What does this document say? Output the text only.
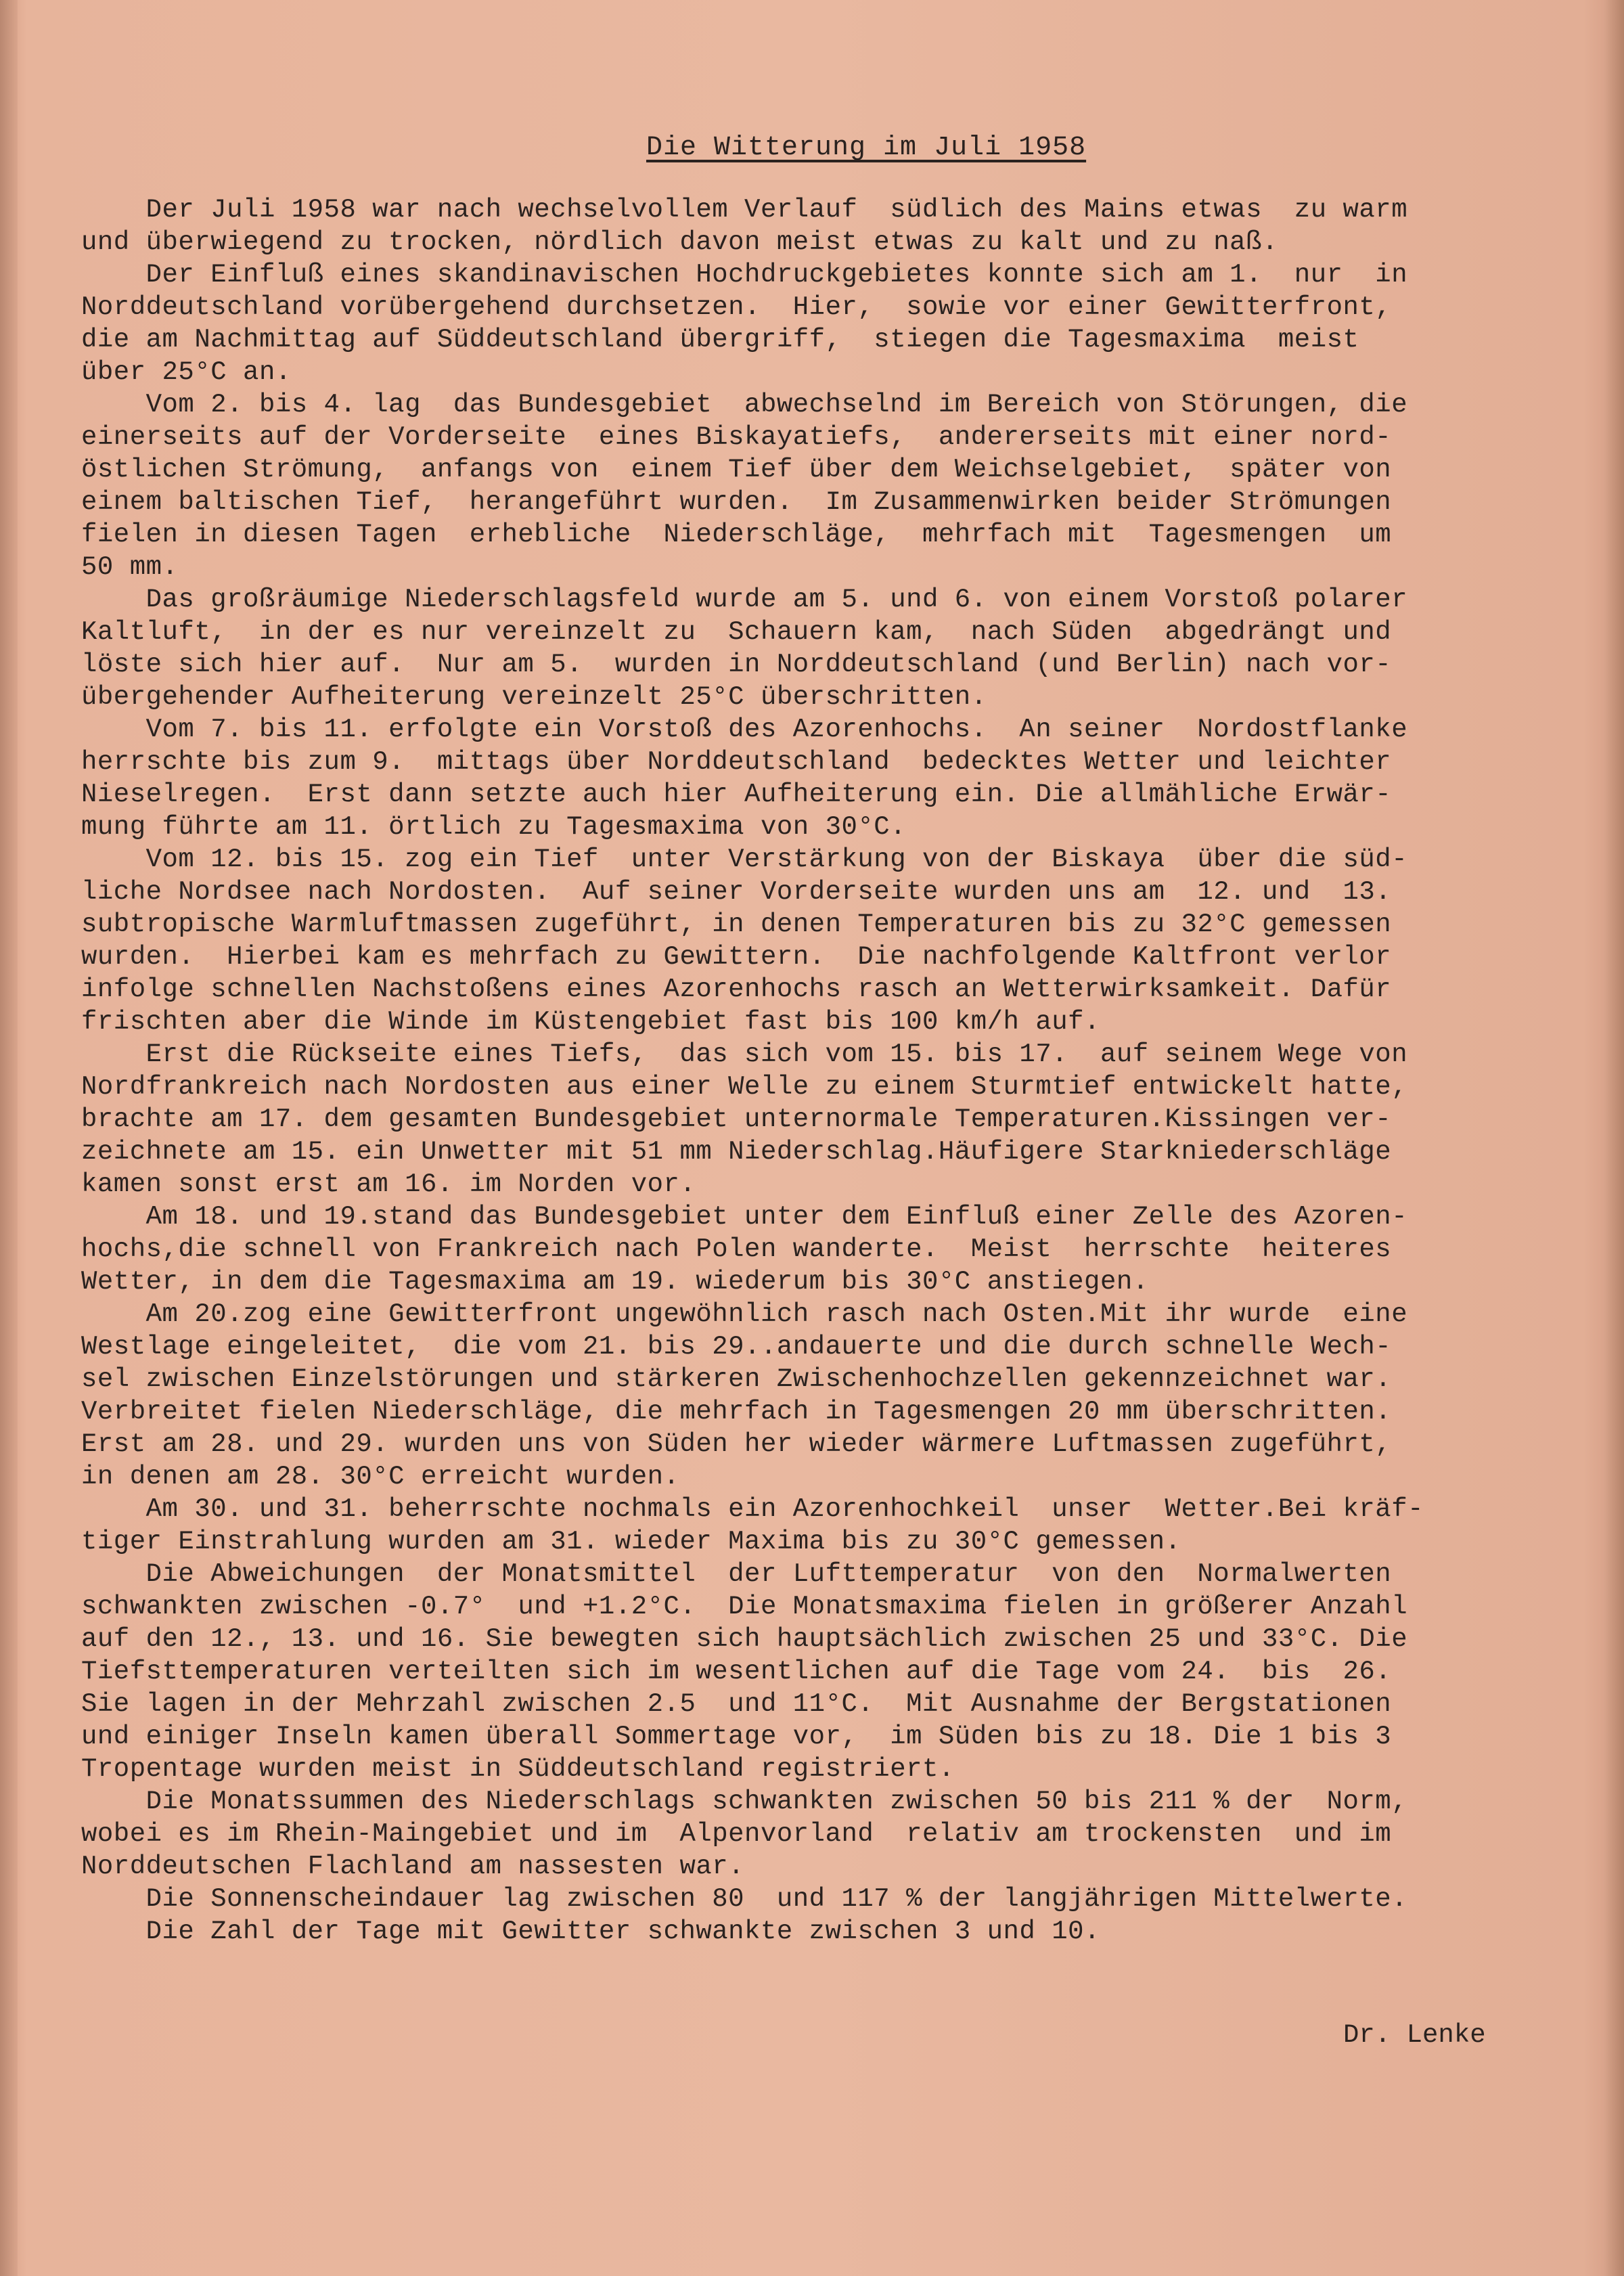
Die Witterung im Juli 1958
Der Juli 1958 war nach wechselvollem Verlauf  südlich des Mains etwas  zu warm
und überwiegend zu trocken, nördlich davon meist etwas zu kalt und zu naß.
Der Einfluß eines skandinavischen Hochdruckgebietes konnte sich am 1.  nur  in
Norddeutschland vorübergehend durchsetzen.  Hier,  sowie vor einer Gewitterfront,
die am Nachmittag auf Süddeutschland übergriff,  stiegen die Tagesmaxima  meist
über 25°C an.
Vom 2. bis 4. lag  das Bundesgebiet  abwechselnd im Bereich von Störungen, die
einerseits auf der Vorderseite  eines Biskayatiefs,  andererseits mit einer nord-
östlichen Strömung,  anfangs von  einem Tief über dem Weichselgebiet,  später von
einem baltischen Tief,  herangeführt wurden.  Im Zusammenwirken beider Strömungen
fielen in diesen Tagen  erhebliche  Niederschläge,  mehrfach mit  Tagesmengen  um
50 mm.
Das großräumige Niederschlagsfeld wurde am 5. und 6. von einem Vorstoß polarer
Kaltluft,  in der es nur vereinzelt zu  Schauern kam,  nach Süden  abgedrängt und
löste sich hier auf.  Nur am 5.  wurden in Norddeutschland (und Berlin) nach vor-
übergehender Aufheiterung vereinzelt 25°C überschritten.
Vom 7. bis 11. erfolgte ein Vorstoß des Azorenhochs.  An seiner  Nordostflanke
herrschte bis zum 9.  mittags über Norddeutschland  bedecktes Wetter und leichter
Nieselregen.  Erst dann setzte auch hier Aufheiterung ein. Die allmähliche Erwär-
mung führte am 11. örtlich zu Tagesmaxima von 30°C.
Vom 12. bis 15. zog ein Tief  unter Verstärkung von der Biskaya  über die süd-
liche Nordsee nach Nordosten.  Auf seiner Vorderseite wurden uns am  12. und  13.
subtropische Warmluftmassen zugeführt, in denen Temperaturen bis zu 32°C gemessen
wurden.  Hierbei kam es mehrfach zu Gewittern.  Die nachfolgende Kaltfront verlor
infolge schnellen Nachstoßens eines Azorenhochs rasch an Wetterwirksamkeit. Dafür
frischten aber die Winde im Küstengebiet fast bis 100 km/h auf.
Erst die Rückseite eines Tiefs,  das sich vom 15. bis 17.  auf seinem Wege von
Nordfrankreich nach Nordosten aus einer Welle zu einem Sturmtief entwickelt hatte,
brachte am 17. dem gesamten Bundesgebiet unternormale Temperaturen.Kissingen ver-
zeichnete am 15. ein Unwetter mit 51 mm Niederschlag.Häufigere Starkniederschläge
kamen sonst erst am 16. im Norden vor.
Am 18. und 19.stand das Bundesgebiet unter dem Einfluß einer Zelle des Azoren-
hochs,die schnell von Frankreich nach Polen wanderte.  Meist  herrschte  heiteres
Wetter, in dem die Tagesmaxima am 19. wiederum bis 30°C anstiegen.
Am 20.zog eine Gewitterfront ungewöhnlich rasch nach Osten.Mit ihr wurde  eine
Westlage eingeleitet,  die vom 21. bis 29..andauerte und die durch schnelle Wech-
sel zwischen Einzelstörungen und stärkeren Zwischenhochzellen gekennzeichnet war.
Verbreitet fielen Niederschläge, die mehrfach in Tagesmengen 20 mm überschritten.
Erst am 28. und 29. wurden uns von Süden her wieder wärmere Luftmassen zugeführt,
in denen am 28. 30°C erreicht wurden.
Am 30. und 31. beherrschte nochmals ein Azorenhochkeil  unser  Wetter.Bei kräf-
tiger Einstrahlung wurden am 31. wieder Maxima bis zu 30°C gemessen.
Die Abweichungen  der Monatsmittel  der Lufttemperatur  von den  Normalwerten
schwankten zwischen -0.7°  und +1.2°C.  Die Monatsmaxima fielen in größerer Anzahl
auf den 12., 13. und 16. Sie bewegten sich hauptsächlich zwischen 25 und 33°C. Die
Tiefsttemperaturen verteilten sich im wesentlichen auf die Tage vom 24.  bis  26.
Sie lagen in der Mehrzahl zwischen 2.5  und 11°C.  Mit Ausnahme der Bergstationen
und einiger Inseln kamen überall Sommertage vor,  im Süden bis zu 18. Die 1 bis 3
Tropentage wurden meist in Süddeutschland registriert.
Die Monatssummen des Niederschlags schwankten zwischen 50 bis 211 % der  Norm,
wobei es im Rhein-Maingebiet und im  Alpenvorland  relativ am trockensten  und im
Norddeutschen Flachland am nassesten war.
Die Sonnenscheindauer lag zwischen 80  und 117 % der langjährigen Mittelwerte.
Die Zahl der Tage mit Gewitter schwankte zwischen 3 und 10.
Dr. Lenke
